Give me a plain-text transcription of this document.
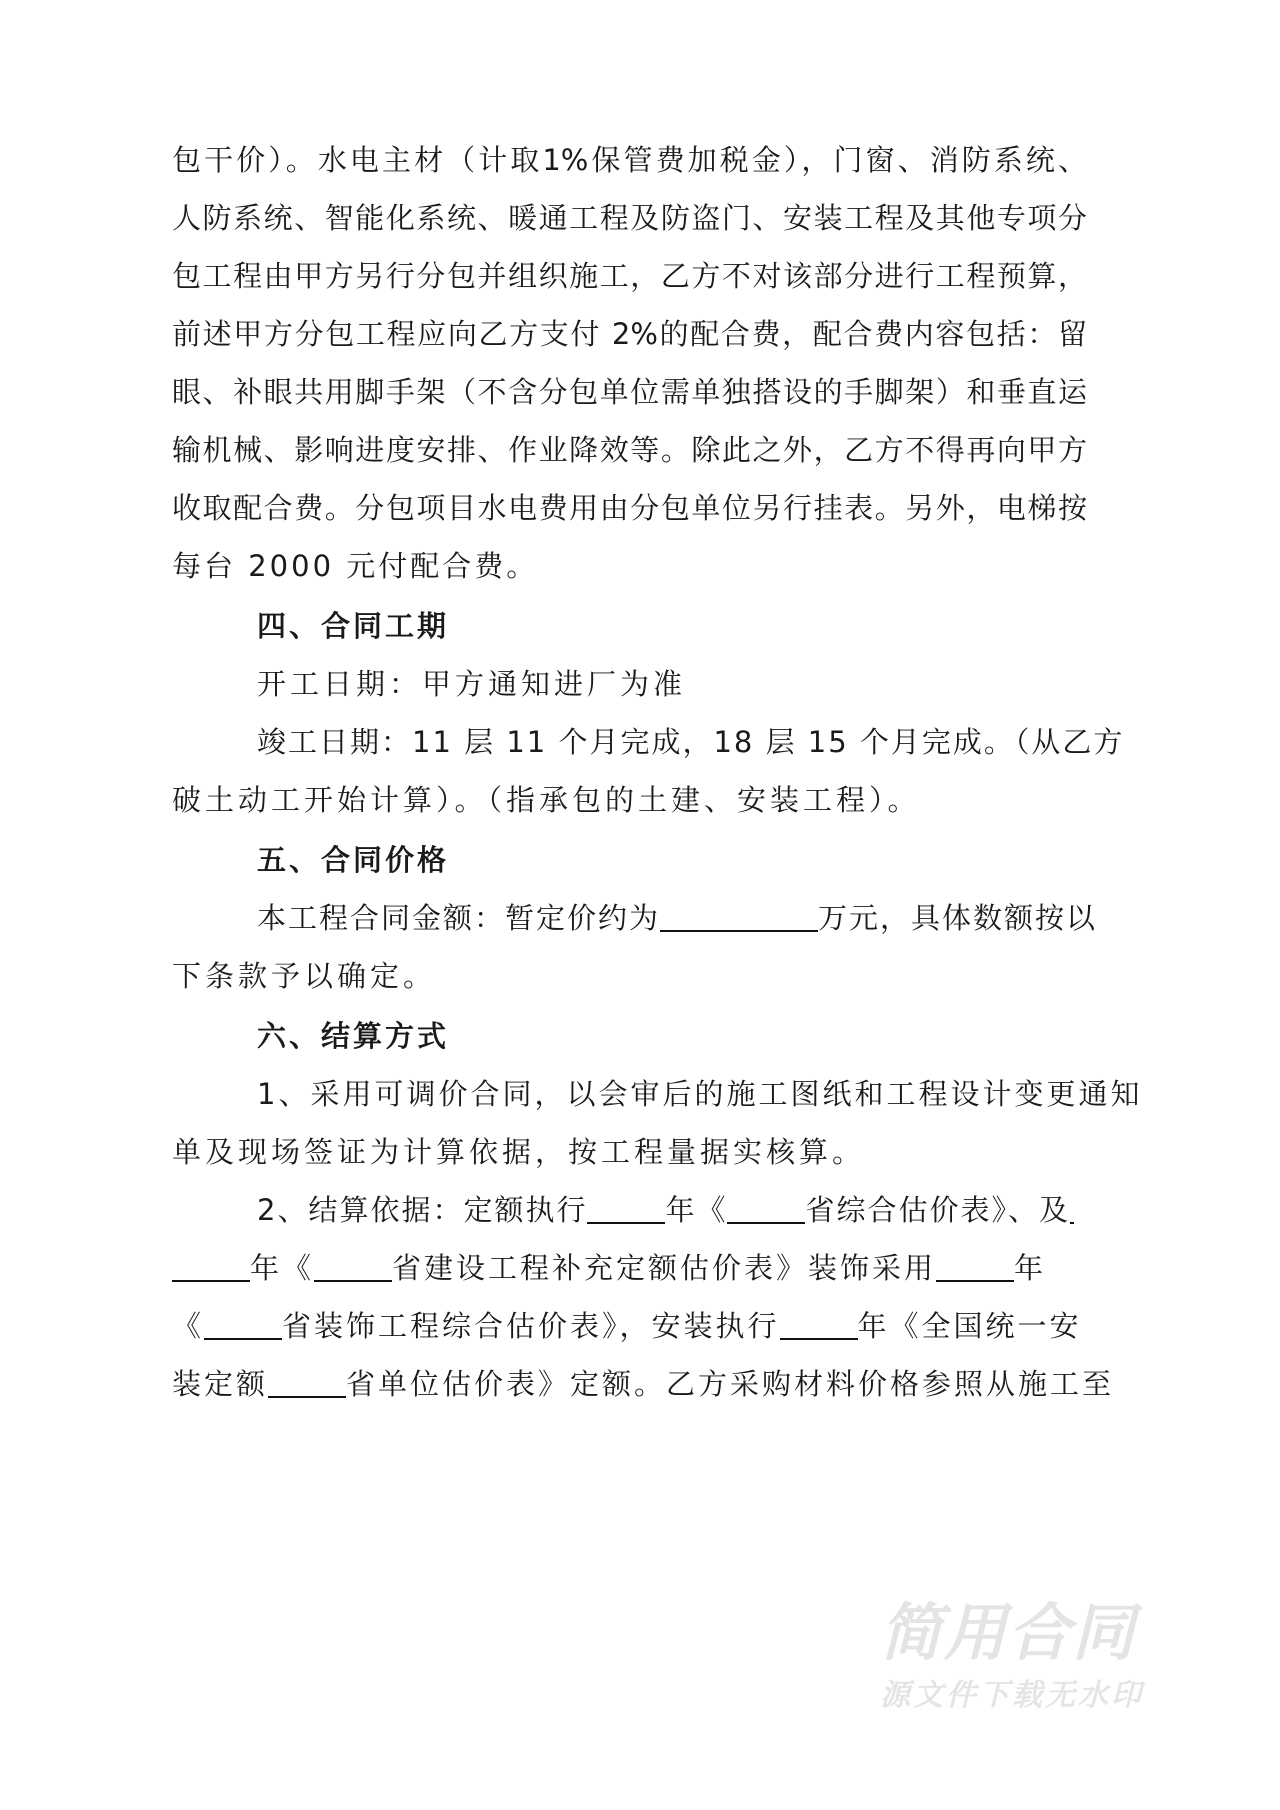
包干价）。水电主材（计取1%保管费加税金），门窗、消防系统、
人防系统、智能化系统、暖通工程及防盗门、安装工程及其他专项分
包工程由甲方另行分包并组织施工，乙方不对该部分进行工程预算，
前述甲方分包工程应向乙方支付 2%的配合费，配合费内容包括：留
眼、补眼共用脚手架（不含分包单位需单独搭设的手脚架）和垂直运
输机械、影响进度安排、作业降效等。除此之外，乙方不得再向甲方
收取配合费。分包项目水电费用由分包单位另行挂表。另外，电梯按
每台 2000 元付配合费。
四、合同工期
开工日期：甲方通知进厂为准
竣工日期：11 层 11 个月完成，18 层 15 个月完成。（从乙方
破土动工开始计算）。（指承包的土建、安装工程）。
五、合同价格
本工程合同金额：暂定价约为	万元，具体数额按以
下条款予以确定。
六、结算方式
1、采用可调价合同，以会审后的施工图纸和工程设计变更通知
单及现场签证为计算依据，按工程量据实核算。
2、结算依据：定额执行	年《	省综合估价表》、及
年《	省建设工程补充定额估价表》装饰采用	年
《	省装饰工程综合估价表》，安装执行	年《全国统一安
装定额	省单位估价表》定额。乙方采购材料价格参照从施工至
简用合同
源文件下载无水印
